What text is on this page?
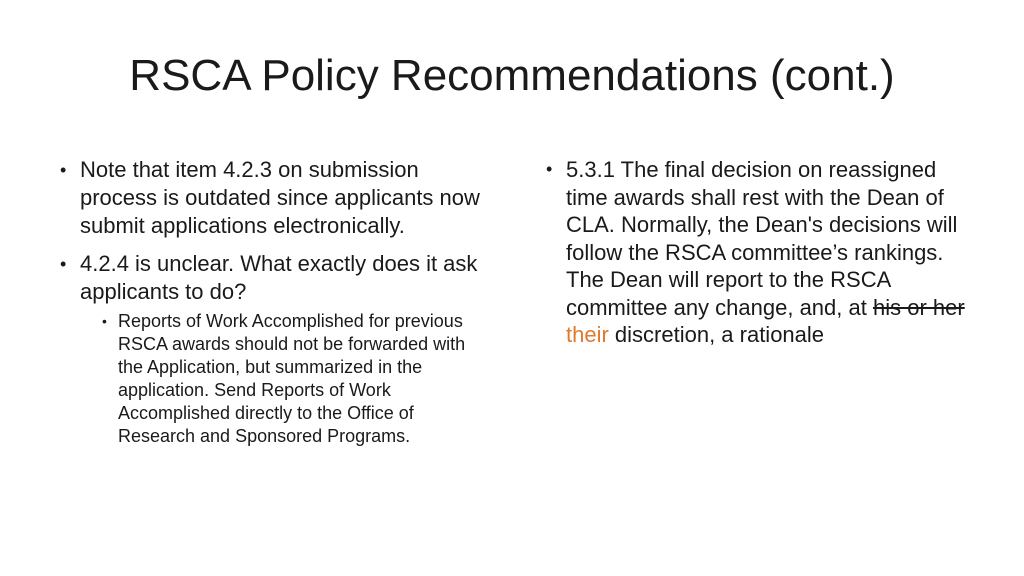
RSCA Policy Recommendations (cont.)
• Note that item 4.2.3 on submission process is outdated since applicants now submit applications electronically.
• 4.2.4 is unclear. What exactly does it ask applicants to do?
• Reports of Work Accomplished for previous RSCA awards should not be forwarded with the Application, but summarized in the application. Send Reports of Work Accomplished directly to the Office of Research and Sponsored Programs.
• 5.3.1 The final decision on reassigned time awards shall rest with the Dean of CLA. Normally, the Dean's decisions will follow the RSCA committee’s rankings. The Dean will report to the RSCA committee any change, and, at his or her their discretion, a rationale
